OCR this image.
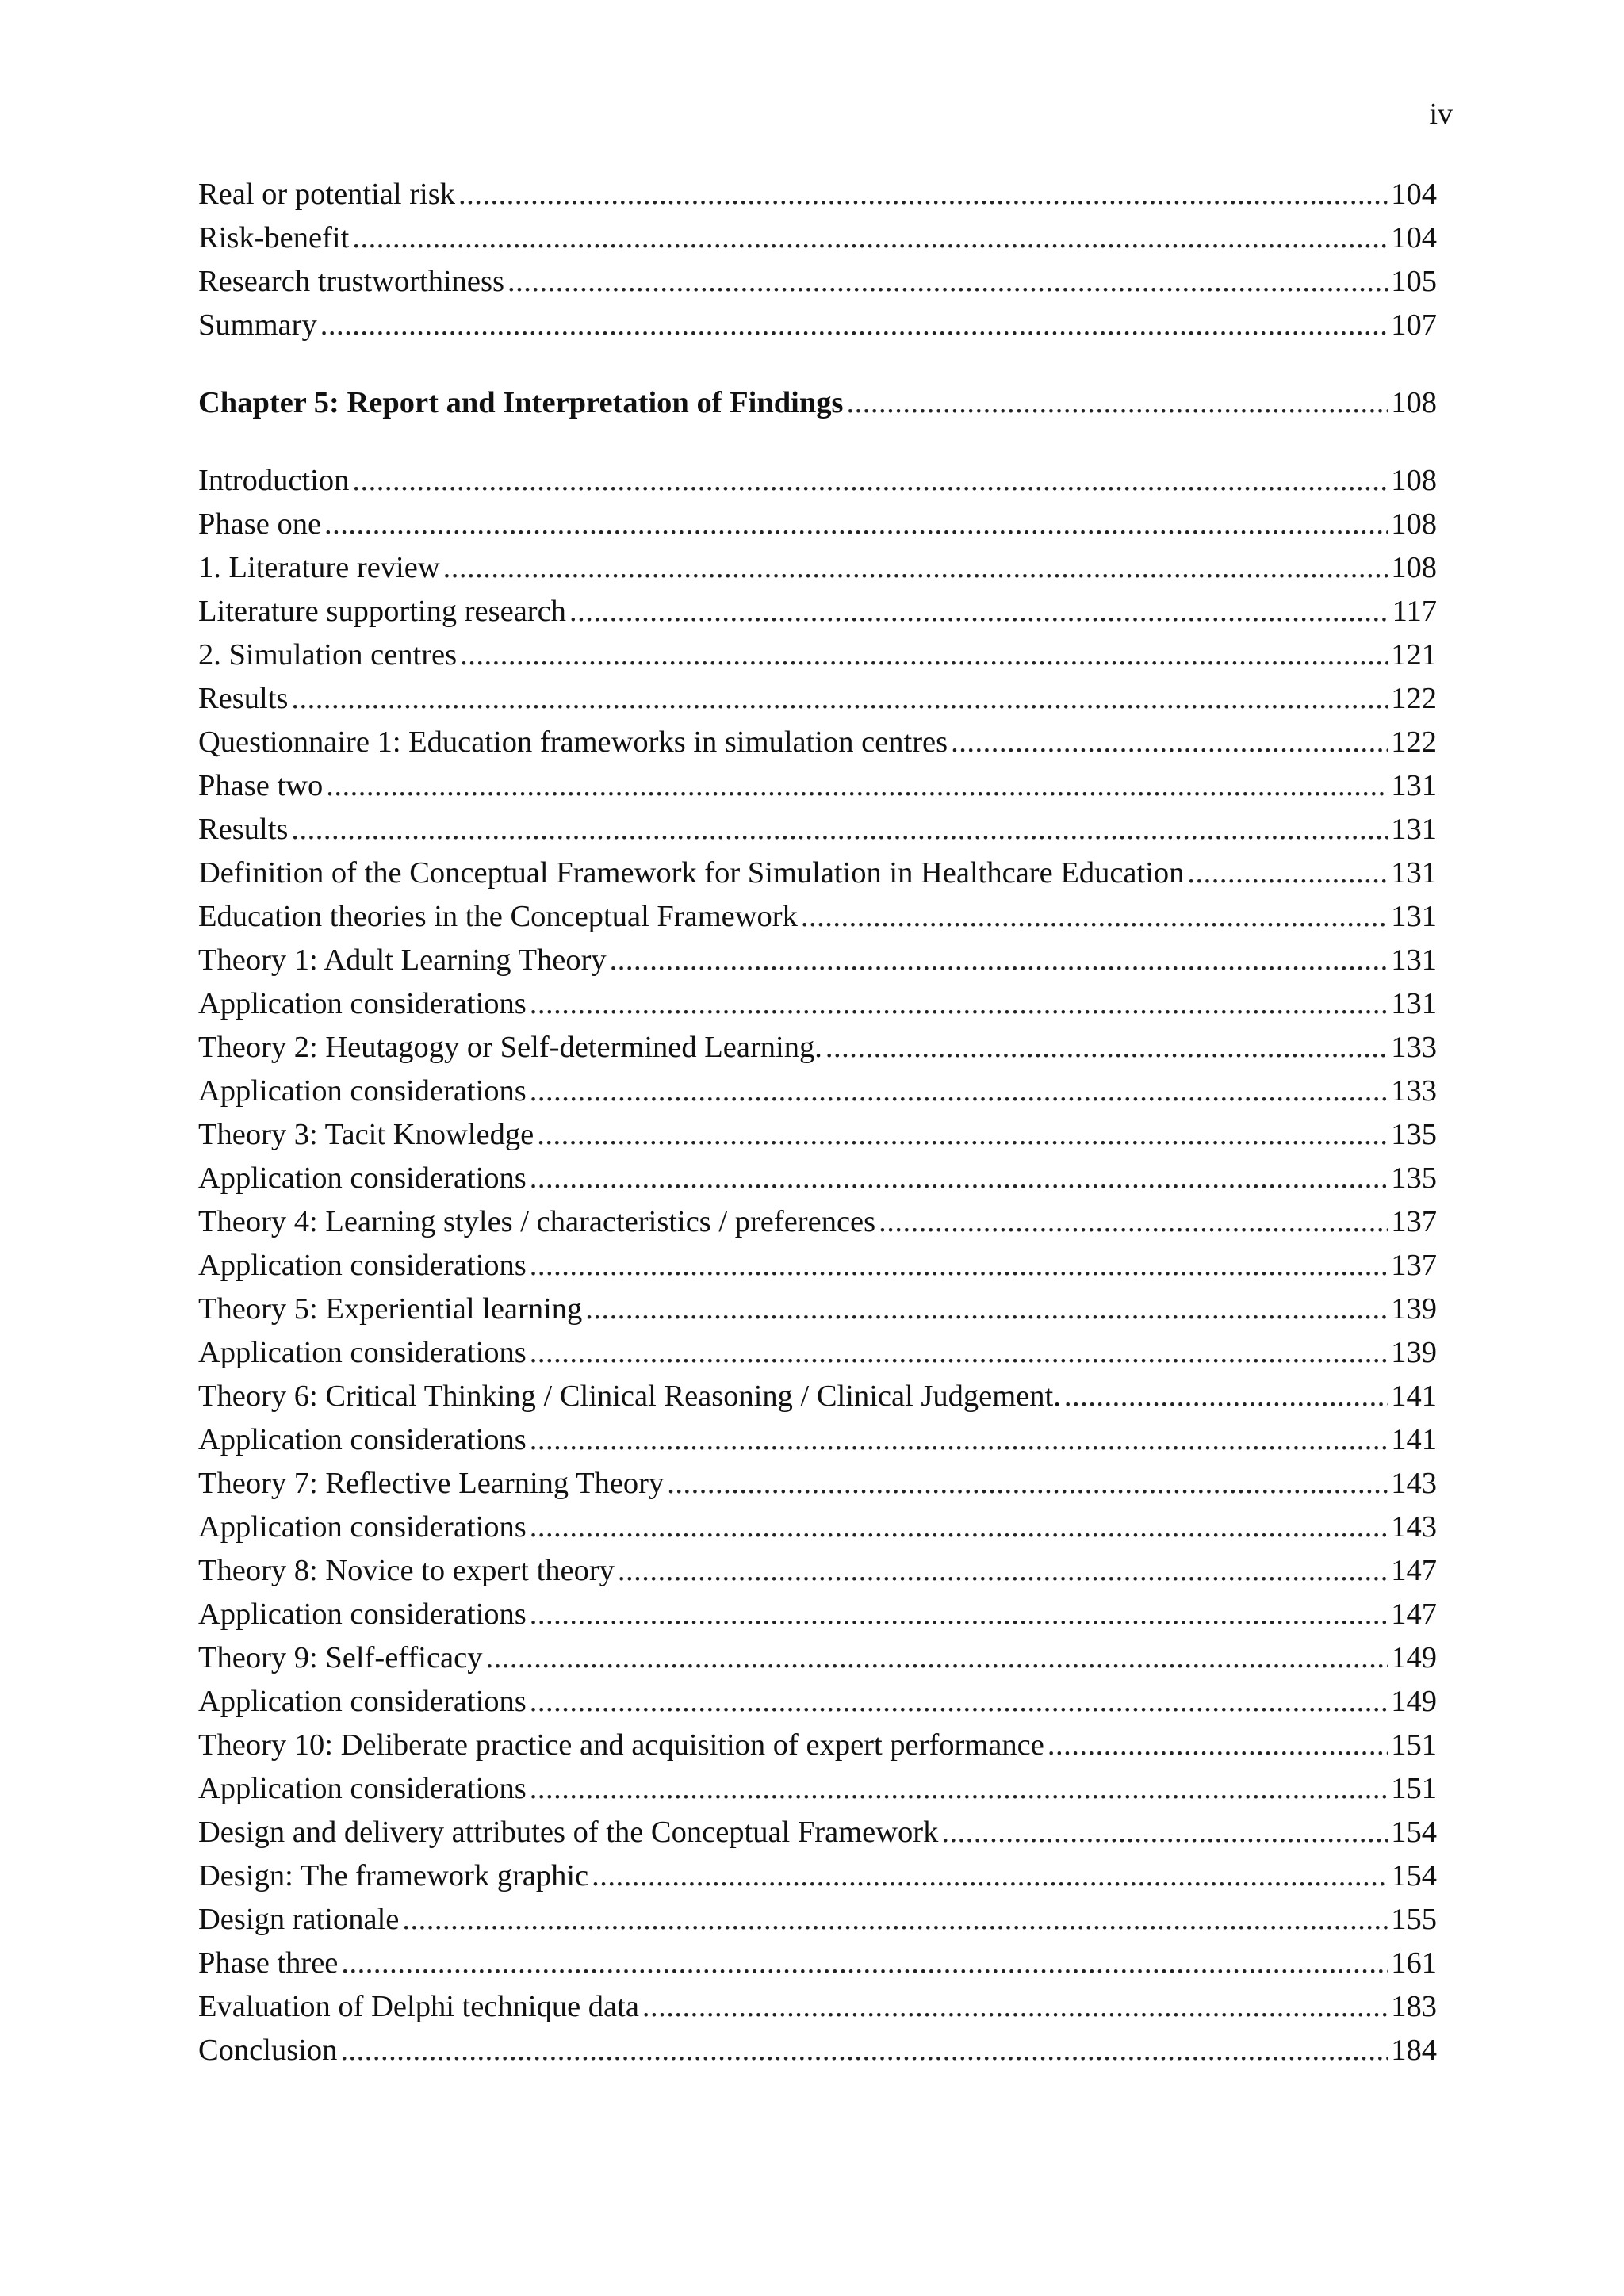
iv
Real or potential risk .....	104
Risk-benefit .....	104
Research trustworthiness .....	105
Summary .....	107
Chapter 5: Report and Interpretation of Findings .....	108
Introduction .....	108
Phase one .....	108
1. Literature review .....	108
Literature supporting research .....	117
2. Simulation centres .....	121
Results .....	122
Questionnaire 1: Education frameworks in simulation centres .....	122
Phase two .....	131
Results .....	131
Definition of the Conceptual Framework for Simulation in Healthcare Education .....	131
Education theories in the Conceptual Framework .....	131
Theory 1: Adult Learning Theory .....	131
Application considerations .....	131
Theory 2: Heutagogy or Self-determined Learning. .....	133
Application considerations .....	133
Theory 3: Tacit Knowledge .....	135
Application considerations .....	135
Theory 4: Learning styles / characteristics / preferences .....	137
Application considerations .....	137
Theory 5: Experiential learning .....	139
Application considerations .....	139
Theory 6: Critical Thinking / Clinical Reasoning / Clinical Judgement. .....	141
Application considerations .....	141
Theory 7: Reflective Learning Theory .....	143
Application considerations .....	143
Theory 8: Novice to expert theory .....	147
Application considerations .....	147
Theory 9: Self-efficacy .....	149
Application considerations .....	149
Theory 10: Deliberate practice and acquisition of expert performance .....	151
Application considerations .....	151
Design and delivery attributes of the Conceptual Framework .....	154
Design: The framework graphic .....	154
Design rationale .....	155
Phase three .....	161
Evaluation of Delphi technique data .....	183
Conclusion .....	184
